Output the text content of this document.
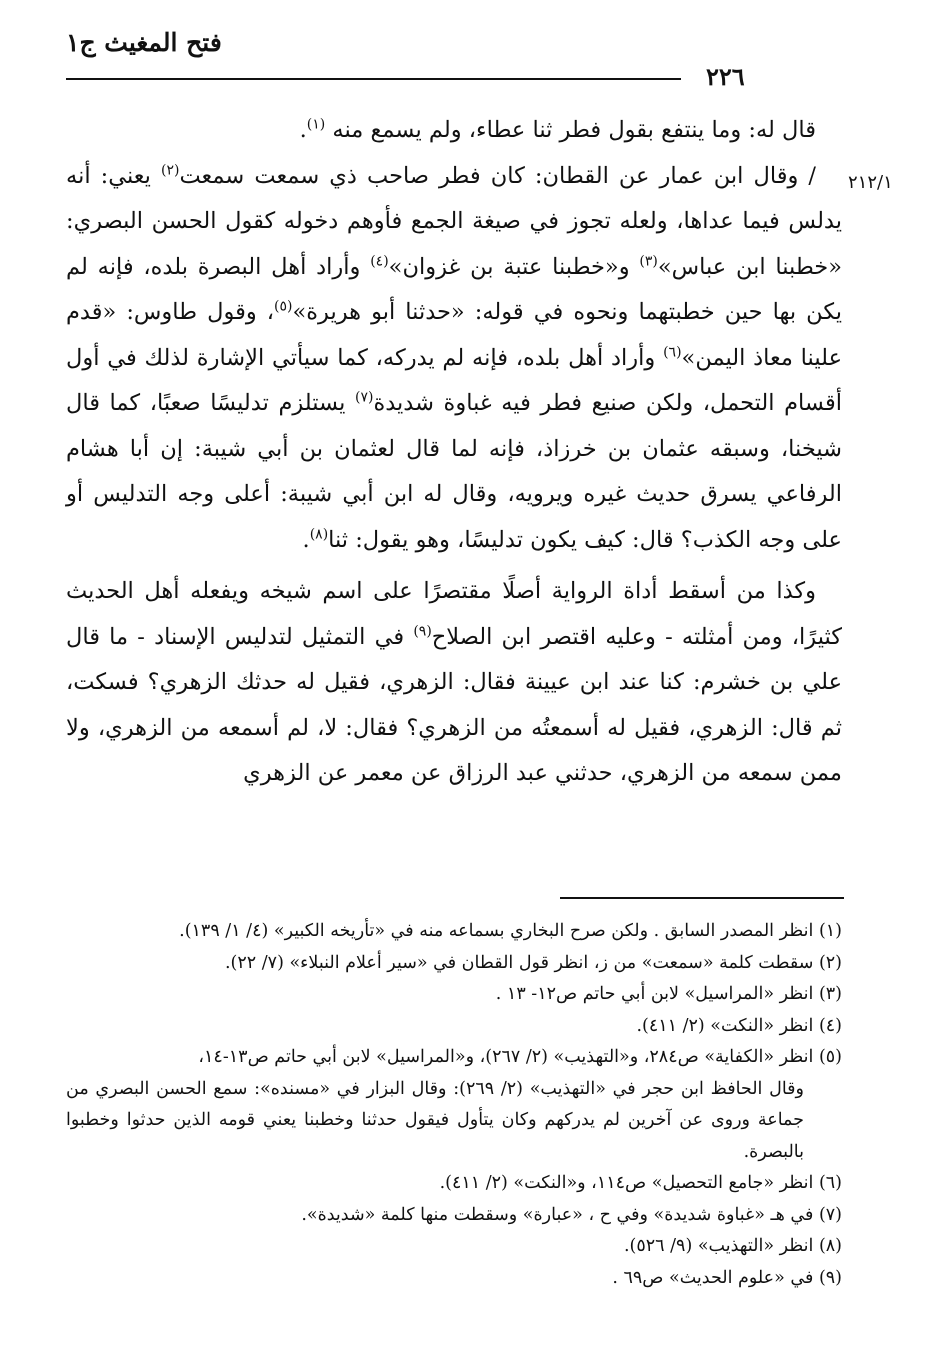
فتح المغيث ج١
٢٢٦
٢١٢/١

قال له: وما ينتفع بقول فطر ثنا عطاء، ولم يسمع منه $^{(١)}$.

/ وقال ابن عمار عن القطان: كان فطر صاحب ذي سمعت سمعت$^{(٢)}$ يعني: أنه يدلس فيما عداها، ولعله تجوز في صيغة الجمع فأوهم دخوله كقول الحسن البصري: «خطبنا ابن عباس»$^{(٣)}$ و«خطبنا عتبة بن غزوان»$^{(٤)}$ وأراد أهل البصرة بلده، فإنه لم يكن بها حين خطبتهما ونحوه في قوله: «حدثنا أبو هريرة»$^{(٥)}$، وقول طاوس: «قدم علينا معاذ اليمن»$^{(٦)}$ وأراد أهل بلده، فإنه لم يدركه، كما سيأتي الإشارة لذلك في أول أقسام التحمل، ولكن صنيع فطر فيه غباوة شديدة$^{(٧)}$ يستلزم تدليسًا صعبًا، كما قال شيخنا، وسبقه عثمان بن خرزاذ، فإنه لما قال لعثمان بن أبي شيبة: إن أبا هشام الرفاعي يسرق حديث غيره ويرويه، وقال له ابن أبي شيبة: أعلى وجه التدليس أو على وجه الكذب؟ قال: كيف يكون تدليسًا، وهو يقول: ثنا$^{(٨)}$.

وكذا من أسقط أداة الرواية أصلًا مقتصرًا على اسم شيخه ويفعله أهل الحديث كثيرًا، ومن أمثلته - وعليه اقتصر ابن الصلاح$^{(٩)}$ في التمثيل لتدليس الإسناد - ما قال علي بن خشرم: كنا عند ابن عيينة فقال: الزهري، فقيل له حدثك الزهري؟ فسكت، ثم قال: الزهري، فقيل له أسمعتُه من الزهري؟ فقال: لا، لم أسمعه من الزهري، ولا ممن سمعه من الزهري، حدثني عبد الرزاق عن معمر عن الزهري

(١) انظر المصدر السابق . ولكن صرح البخاري بسماعه منه في «تأريخه الكبير» (٤/ ١/ ١٣٩).

(٢) سقطت كلمة «سمعت» من ز، انظر قول القطان في «سير أعلام النبلاء» (٧/ ٢٢).

(٣) انظر «المراسيل» لابن أبي حاتم ص١٢- ١٣ .

(٤) انظر «النكت» (٢/ ٤١١).

(٥) انظر «الكفاية» ص٢٨٤، و«التهذيب» (٢/ ٢٦٧)، و«المراسيل» لابن أبي حاتم ص١٣-١٤،
وقال الحافظ ابن حجر في «التهذيب» (٢/ ٢٦٩): وقال البزار في «مسنده»: سمع الحسن البصري من جماعة وروى عن آخرين لم يدركهم وكان يتأول فيقول حدثنا وخطبنا يعني قومه الذين حدثوا وخطبوا بالبصرة.

(٦) انظر «جامع التحصيل» ص١١٤، و«النكت» (٢/ ٤١١).

(٧) في هـ «غباوة شديدة» وفي ح ، «عبارة» وسقطت منها كلمة «شديدة».

(٨) انظر «التهذيب» (٩/ ٥٢٦).

(٩) في «علوم الحديث» ص٦٩ .
